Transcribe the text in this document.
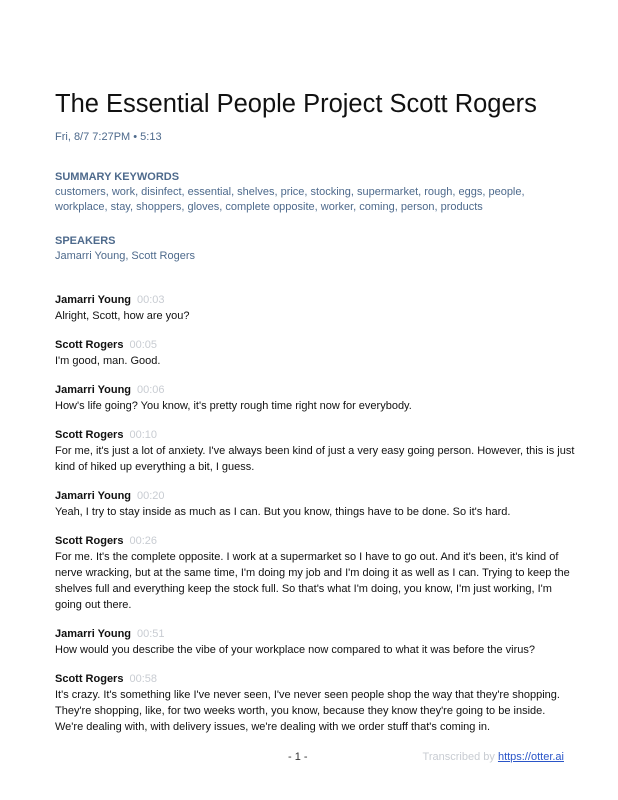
The Essential People Project Scott Rogers
Fri, 8/7 7:27PM • 5:13
SUMMARY KEYWORDS
customers, work, disinfect, essential, shelves, price, stocking, supermarket, rough, eggs, people, workplace, stay, shoppers, gloves, complete opposite, worker, coming, person, products
SPEAKERS
Jamarri Young, Scott Rogers
Jamarri Young 00:03
Alright, Scott, how are you?
Scott Rogers 00:05
I'm good, man. Good.
Jamarri Young 00:06
How's life going? You know, it's pretty rough time right now for everybody.
Scott Rogers 00:10
For me, it's just a lot of anxiety. I've always been kind of just a very easy going person. However, this is just kind of hiked up everything a bit, I guess.
Jamarri Young 00:20
Yeah, I try to stay inside as much as I can. But you know, things have to be done. So it's hard.
Scott Rogers 00:26
For me. It's the complete opposite. I work at a supermarket so I have to go out. And it's been, it's kind of nerve wracking, but at the same time, I'm doing my job and I'm doing it as well as I can. Trying to keep the shelves full and everything keep the stock full. So that's what I'm doing, you know, I'm just working, I'm going out there.
Jamarri Young 00:51
How would you describe the vibe of your workplace now compared to what it was before the virus?
Scott Rogers 00:58
It's crazy. It's something like I've never seen, I've never seen people shop the way that they're shopping. They're shopping, like, for two weeks worth, you know, because they know they're going to be inside. We're dealing with, with delivery issues, we're dealing with we order stuff that's coming in.
- 1 -	Transcribed by https://otter.ai
